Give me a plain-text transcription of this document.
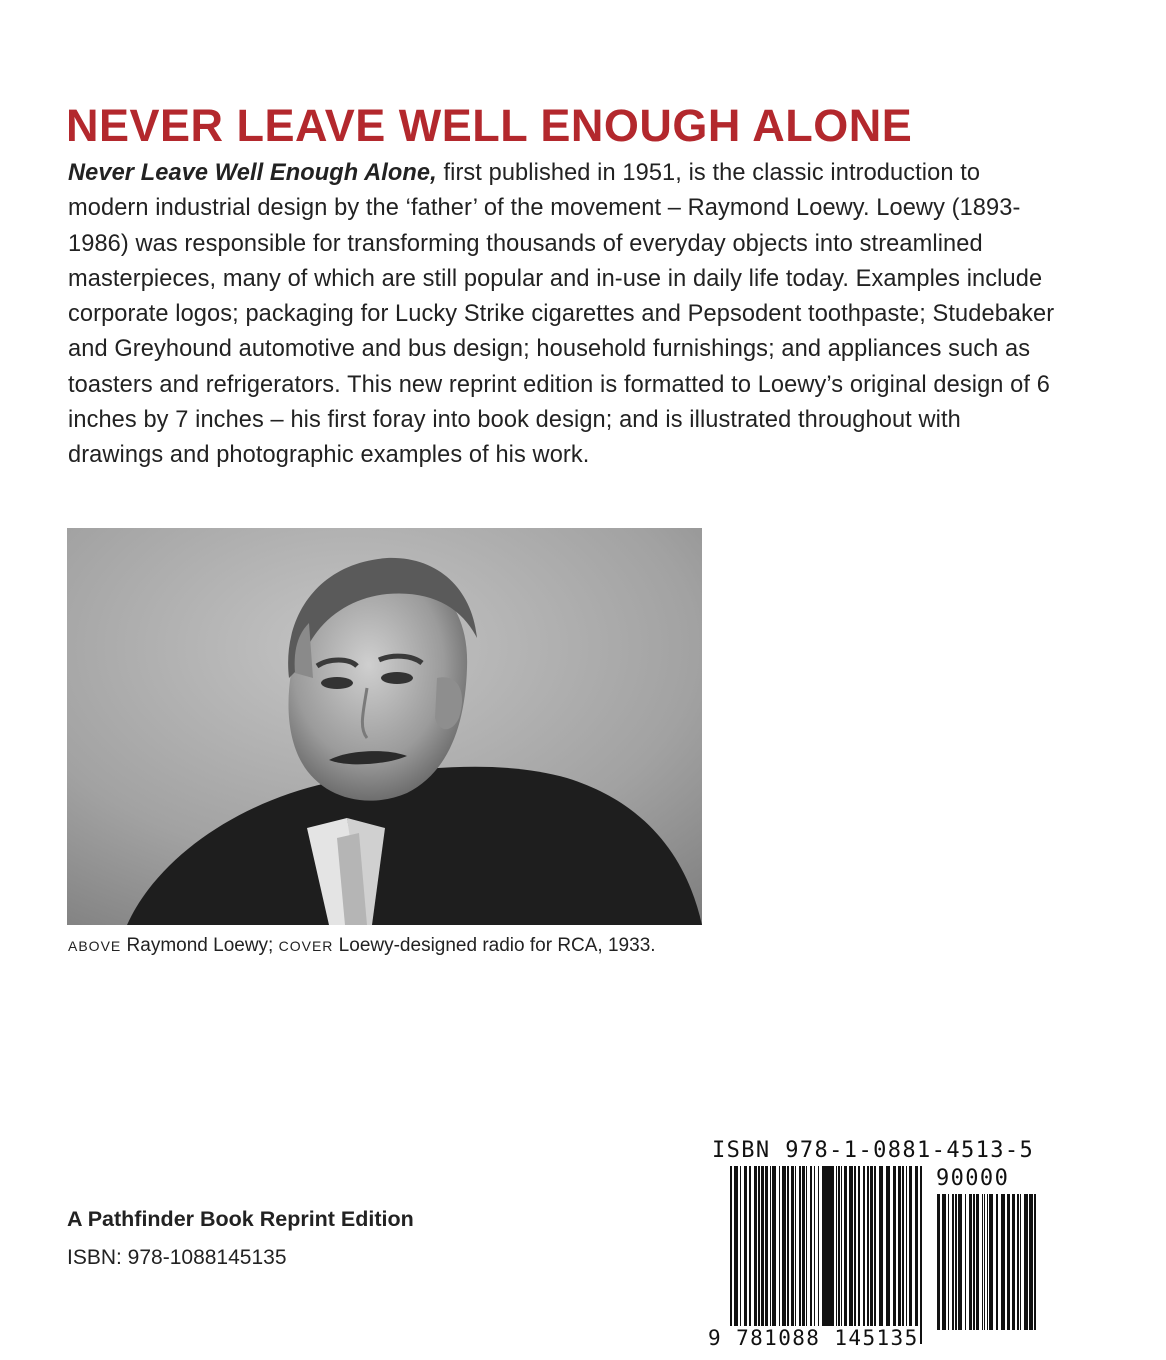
NEVER LEAVE WELL ENOUGH ALONE

Never Leave Well Enough Alone, first published in 1951, is the classic introduction to modern industrial design by the ‘father’ of the movement – Raymond Loewy. Loewy (1893-1986) was responsible for transforming thousands of everyday objects into streamlined masterpieces, many of which are still popular and in-use in daily life today. Examples include corporate logos; packaging for Lucky Strike cigarettes and Pepsodent toothpaste; Studebaker and Greyhound automotive and bus design; household furnishings; and appliances such as toasters and refrigerators. This new reprint edition is formatted to Loewy’s original design of 6 inches by 7 inches – his first foray into book design; and is illustrated throughout with drawings and photographic examples of his work.

ABOVE Raymond Loewy; COVER Loewy-designed radio for RCA, 1933.

A Pathfinder Book Reprint Edition

ISBN: 978-1088145135

ISBN 978-1-0881-4513-5
90000
9 781088 145135
